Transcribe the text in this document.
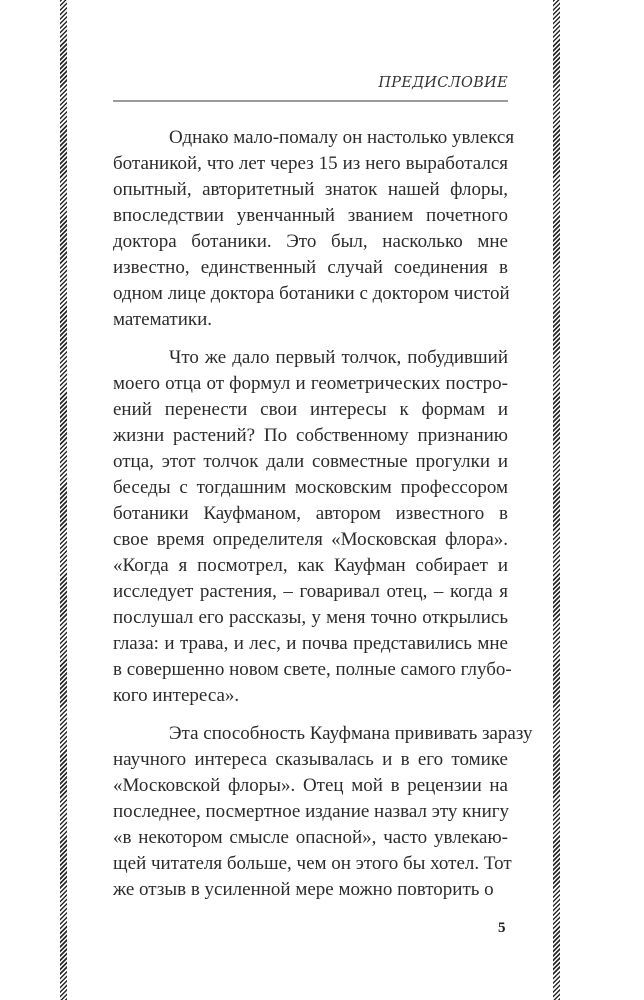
ПРЕДИСЛОВИЕ
Однако мало-помалу он настолько увлекся
ботаникой, что лет через 15 из него выработался
опытный, авторитетный знаток нашей флоры,
впоследствии увенчанный званием почетного
доктора ботаники. Это был, насколько мне
известно, единственный случай соединения в
одном лице доктора ботаники с доктором чистой
математики.
Что же дало первый толчок, побудивший
моего отца от формул и геометрических постро-
ений перенести свои интересы к формам и
жизни растений? По собственному признанию
отца, этот толчок дали совместные прогулки и
беседы с тогдашним московским профессором
ботаники Кауфманом, автором известного в
свое время определителя «Московская флора».
«Когда я посмотрел, как Кауфман собирает и
исследует растения, – говаривал отец, – когда я
послушал его рассказы, у меня точно открылись
глаза: и трава, и лес, и почва представились мне
в совершенно новом свете, полные самого глубо-
кого интереса».
Эта способность Кауфмана прививать заразу
научного интереса сказывалась и в его томике
«Московской флоры». Отец мой в рецензии на
последнее, посмертное издание назвал эту книгу
«в некотором смысле опасной», часто увлекаю-
щей читателя больше, чем он этого бы хотел. Тот
же отзыв в усиленной мере можно повторить о
5
